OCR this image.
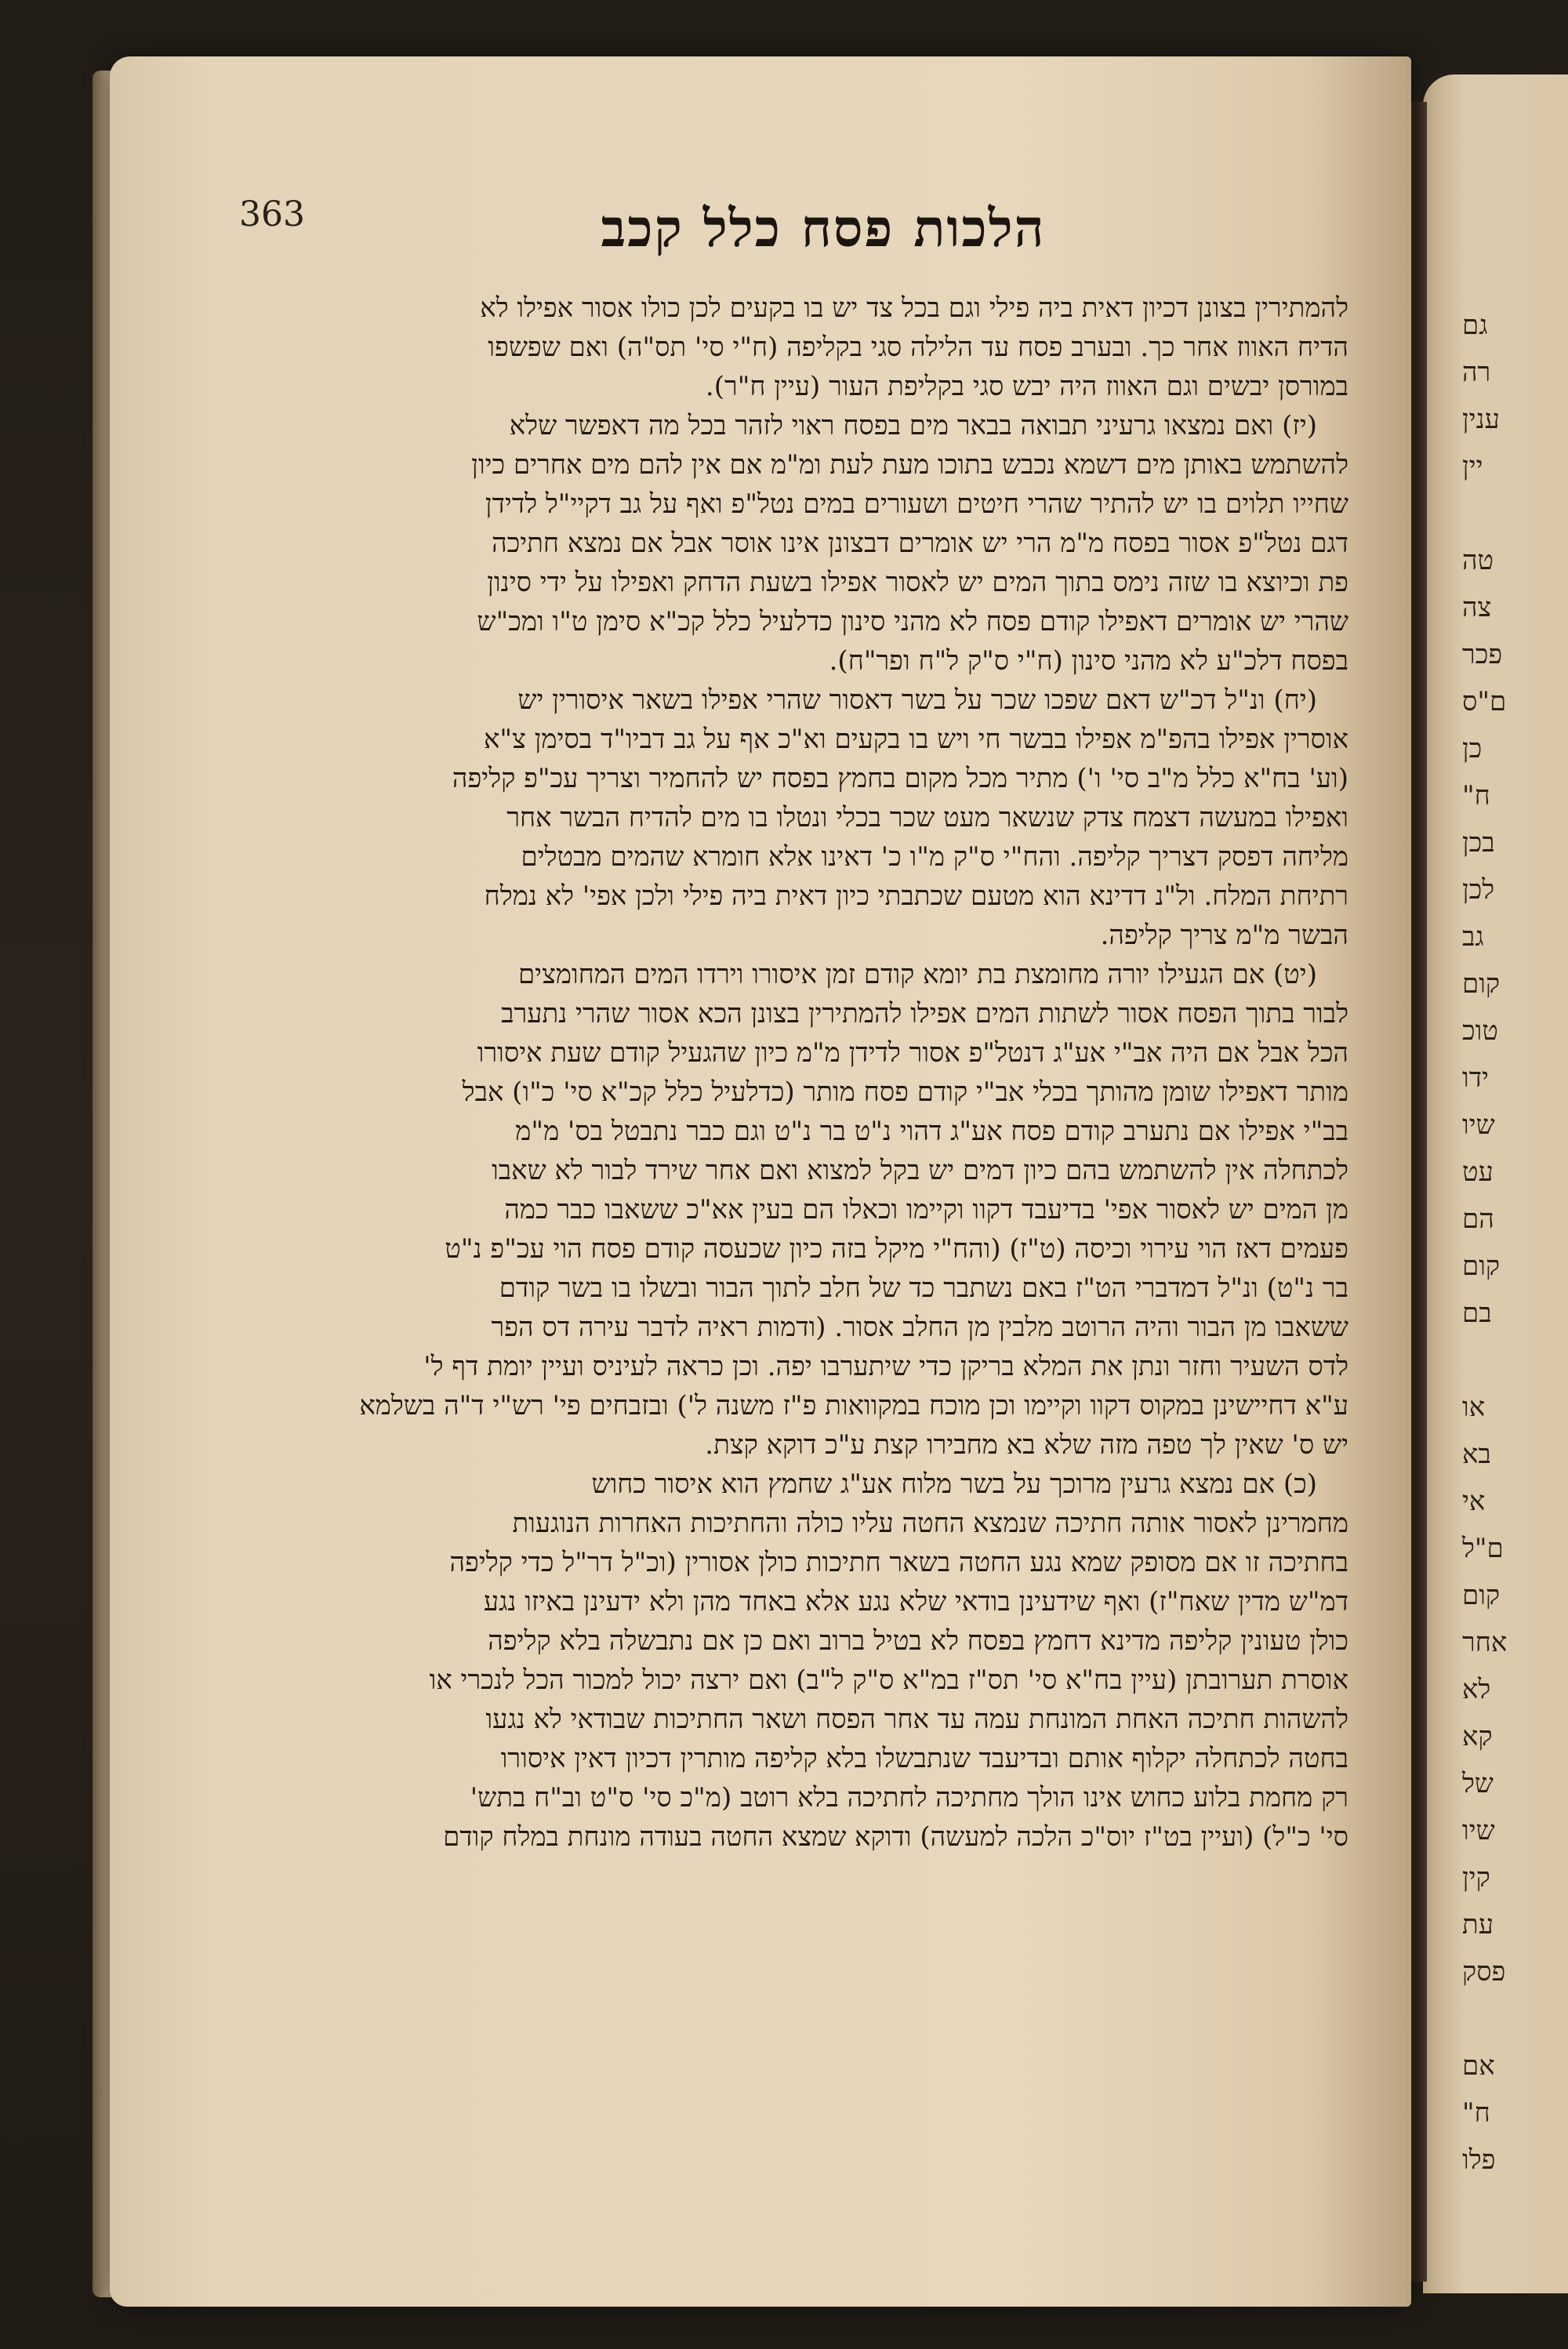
גם
רה
ענין
יין
טה
צה
פכר
ם"ס
כן
ח"
בכן
לכן
גב
קום
טוכ
ידו
שיו
עט
הם
קום
בם
או
בא
אי
ם"ל
קום
אחר
לא
קא
של
שיו
קין
עת
פסק
אם
ח"
פלו
363	הלכות פסח כלל קכב
להמתירין בצונן דכיון דאית ביה פילי וגם בכל צד יש בו בקעים לכן כולו אסור אפילו לא
הדיח האווז אחר כך. ובערב פסח עד הלילה סגי בקליפה (ח"י סי' תס"ה) ואם שפשפו
במורסן יבשים וגם האווז היה יבש סגי בקליפת העור (עיין ח"ר).
(יז) ואם נמצאו גרעיני תבואה בבאר מים בפסח ראוי לזהר בכל מה דאפשר שלא
להשתמש באותן מים דשמא נכבש בתוכו מעת לעת ומ"מ אם אין להם מים אחרים כיון
שחייו תלוים בו יש להתיר שהרי חיטים ושעורים במים נטל"פ ואף על גב דקיי"ל לדידן
דגם נטל"פ אסור בפסח מ"מ הרי יש אומרים דבצונן אינו אוסר אבל אם נמצא חתיכה
פת וכיוצא בו שזה נימס בתוך המים יש לאסור אפילו בשעת הדחק ואפילו על ידי סינון
שהרי יש אומרים דאפילו קודם פסח לא מהני סינון כדלעיל כלל קכ"א סימן ט"ו ומכ"ש
בפסח דלכ"ע לא מהני סינון (ח"י ס"ק ל"ח ופר"ח).
(יח) ונ"ל דכ"ש דאם שפכו שכר על בשר דאסור שהרי אפילו בשאר איסורין יש
אוסרין אפילו בהפ"מ אפילו בבשר חי ויש בו בקעים וא"כ אף על גב דביו"ד בסימן צ"א
(וע' בח"א כלל מ"ב סי' ו') מתיר מכל מקום בחמץ בפסח יש להחמיר וצריך עכ"פ קליפה
ואפילו במעשה דצמח צדק שנשאר מעט שכר בכלי ונטלו בו מים להדיח הבשר אחר
מליחה דפסק דצריך קליפה. והח"י ס"ק מ"ו כ' דאינו אלא חומרא שהמים מבטלים
רתיחת המלח. ול"נ דדינא הוא מטעם שכתבתי כיון דאית ביה פילי ולכן אפי' לא נמלח
הבשר מ"מ צריך קליפה.
(יט) אם הגעילו יורה מחומצת בת יומא קודם זמן איסורו וירדו המים המחומצים
לבור בתוך הפסח אסור לשתות המים אפילו להמתירין בצונן הכא אסור שהרי נתערב
הכל אבל אם היה אב"י אע"ג דנטל"פ אסור לדידן מ"מ כיון שהגעיל קודם שעת איסורו
מותר דאפילו שומן מהותך בכלי אב"י קודם פסח מותר (כדלעיל כלל קכ"א סי' כ"ו) אבל
בב"י אפילו אם נתערב קודם פסח אע"ג דהוי נ"ט בר נ"ט וגם כבר נתבטל בס' מ"מ
לכתחלה אין להשתמש בהם כיון דמים יש בקל למצוא ואם אחר שירד לבור לא שאבו
מן המים יש לאסור אפי' בדיעבד דקוו וקיימו וכאלו הם בעין אא"כ ששאבו כבר כמה
פעמים דאז הוי עירוי וכיסה (ט"ז) (והח"י מיקל בזה כיון שכעסה קודם פסח הוי עכ"פ נ"ט
בר נ"ט) ונ"ל דמדברי הט"ז באם נשתבר כד של חלב לתוך הבור ובשלו בו בשר קודם
ששאבו מן הבור והיה הרוטב מלבין מן החלב אסור. (ודמות ראיה לדבר עירה דס הפר
לדס השעיר וחזר ונתן את המלא בריקן כדי שיתערבו יפה. וכן כראה לעיניס ועיין יומת דף ל'
ע"א דחיישינן במקוס דקוו וקיימו וכן מוכח במקוואות פ"ז משנה ל') ובזבחים פי' רש"י ד"ה בשלמא
יש ס' שאין לך טפה מזה שלא בא מחבירו קצת ע"כ דוקא קצת.
(כ) אם נמצא גרעין מרוכך על בשר מלוח אע"ג שחמץ הוא איסור כחוש
מחמרינן לאסור אותה חתיכה שנמצא החטה עליו כולה והחתיכות האחרות הנוגעות
בחתיכה זו אם מסופק שמא נגע החטה בשאר חתיכות כולן אסורין (וכ"ל דר"ל כדי קליפה
דמ"ש מדין שאח"ז) ואף שידעינן בודאי שלא נגע אלא באחד מהן ולא ידעינן באיזו נגע
כולן טעונין קליפה מדינא דחמץ בפסח לא בטיל ברוב ואם כן אם נתבשלה בלא קליפה
אוסרת תערובתן (עיין בח"א סי' תס"ז במ"א ס"ק ל"ב) ואם ירצה יכול למכור הכל לנכרי או
להשהות חתיכה האחת המונחת עמה עד אחר הפסח ושאר החתיכות שבודאי לא נגעו
בחטה לכתחלה יקלוף אותם ובדיעבד שנתבשלו בלא קליפה מותרין דכיון דאין איסורו
רק מחמת בלוע כחוש אינו הולך מחתיכה לחתיכה בלא רוטב (מ"כ סי' ס"ט וב"ח בתש'
סי' כ"ל) (ועיין בט"ז יוס"כ הלכה למעשה) ודוקא שמצא החטה בעודה מונחת במלח קודם
